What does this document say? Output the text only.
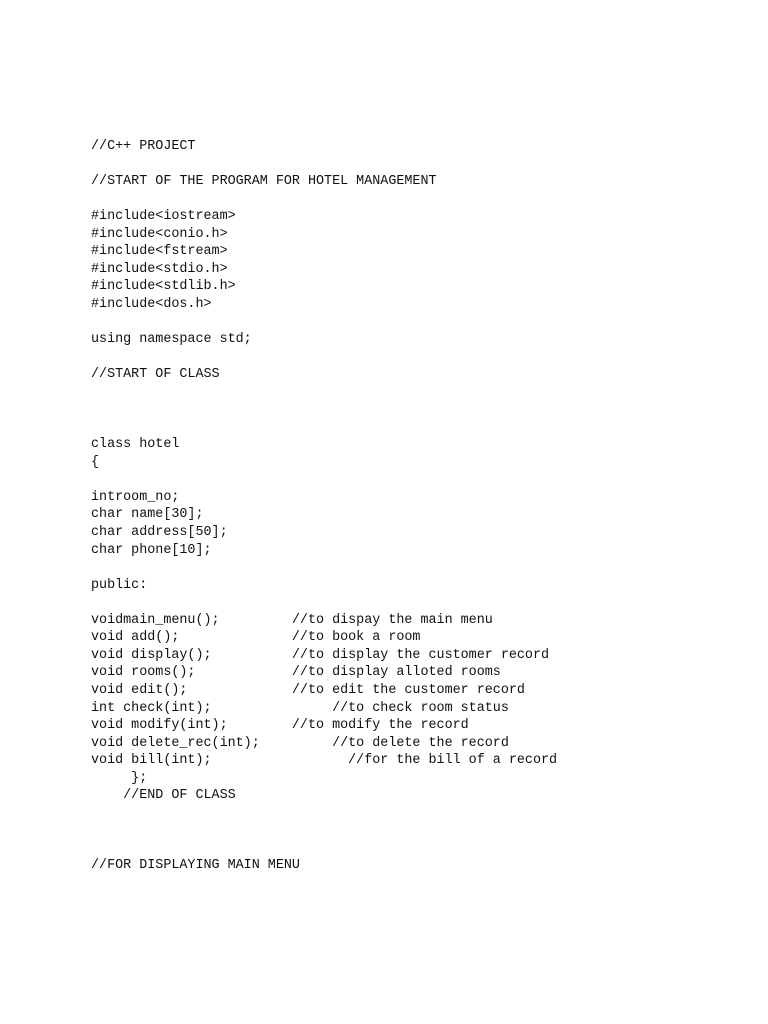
//C++ PROJECT
//START OF THE PROGRAM FOR HOTEL MANAGEMENT
#include<iostream>
#include<conio.h>
#include<fstream>
#include<stdio.h>
#include<stdlib.h>
#include<dos.h>
using namespace std;
//START OF CLASS
class hotel
{
introom_no;
char name[30];
char address[50];
char phone[10];
public:
voidmain_menu();         //to dispay the main menu
void add();              //to book a room
void display();          //to display the customer record
void rooms();            //to display alloted rooms
void edit();             //to edit the customer record
int check(int);               //to check room status
void modify(int);        //to modify the record
void delete_rec(int);         //to delete the record
void bill(int);                 //for the bill of a record
};
//END OF CLASS
//FOR DISPLAYING MAIN MENU
